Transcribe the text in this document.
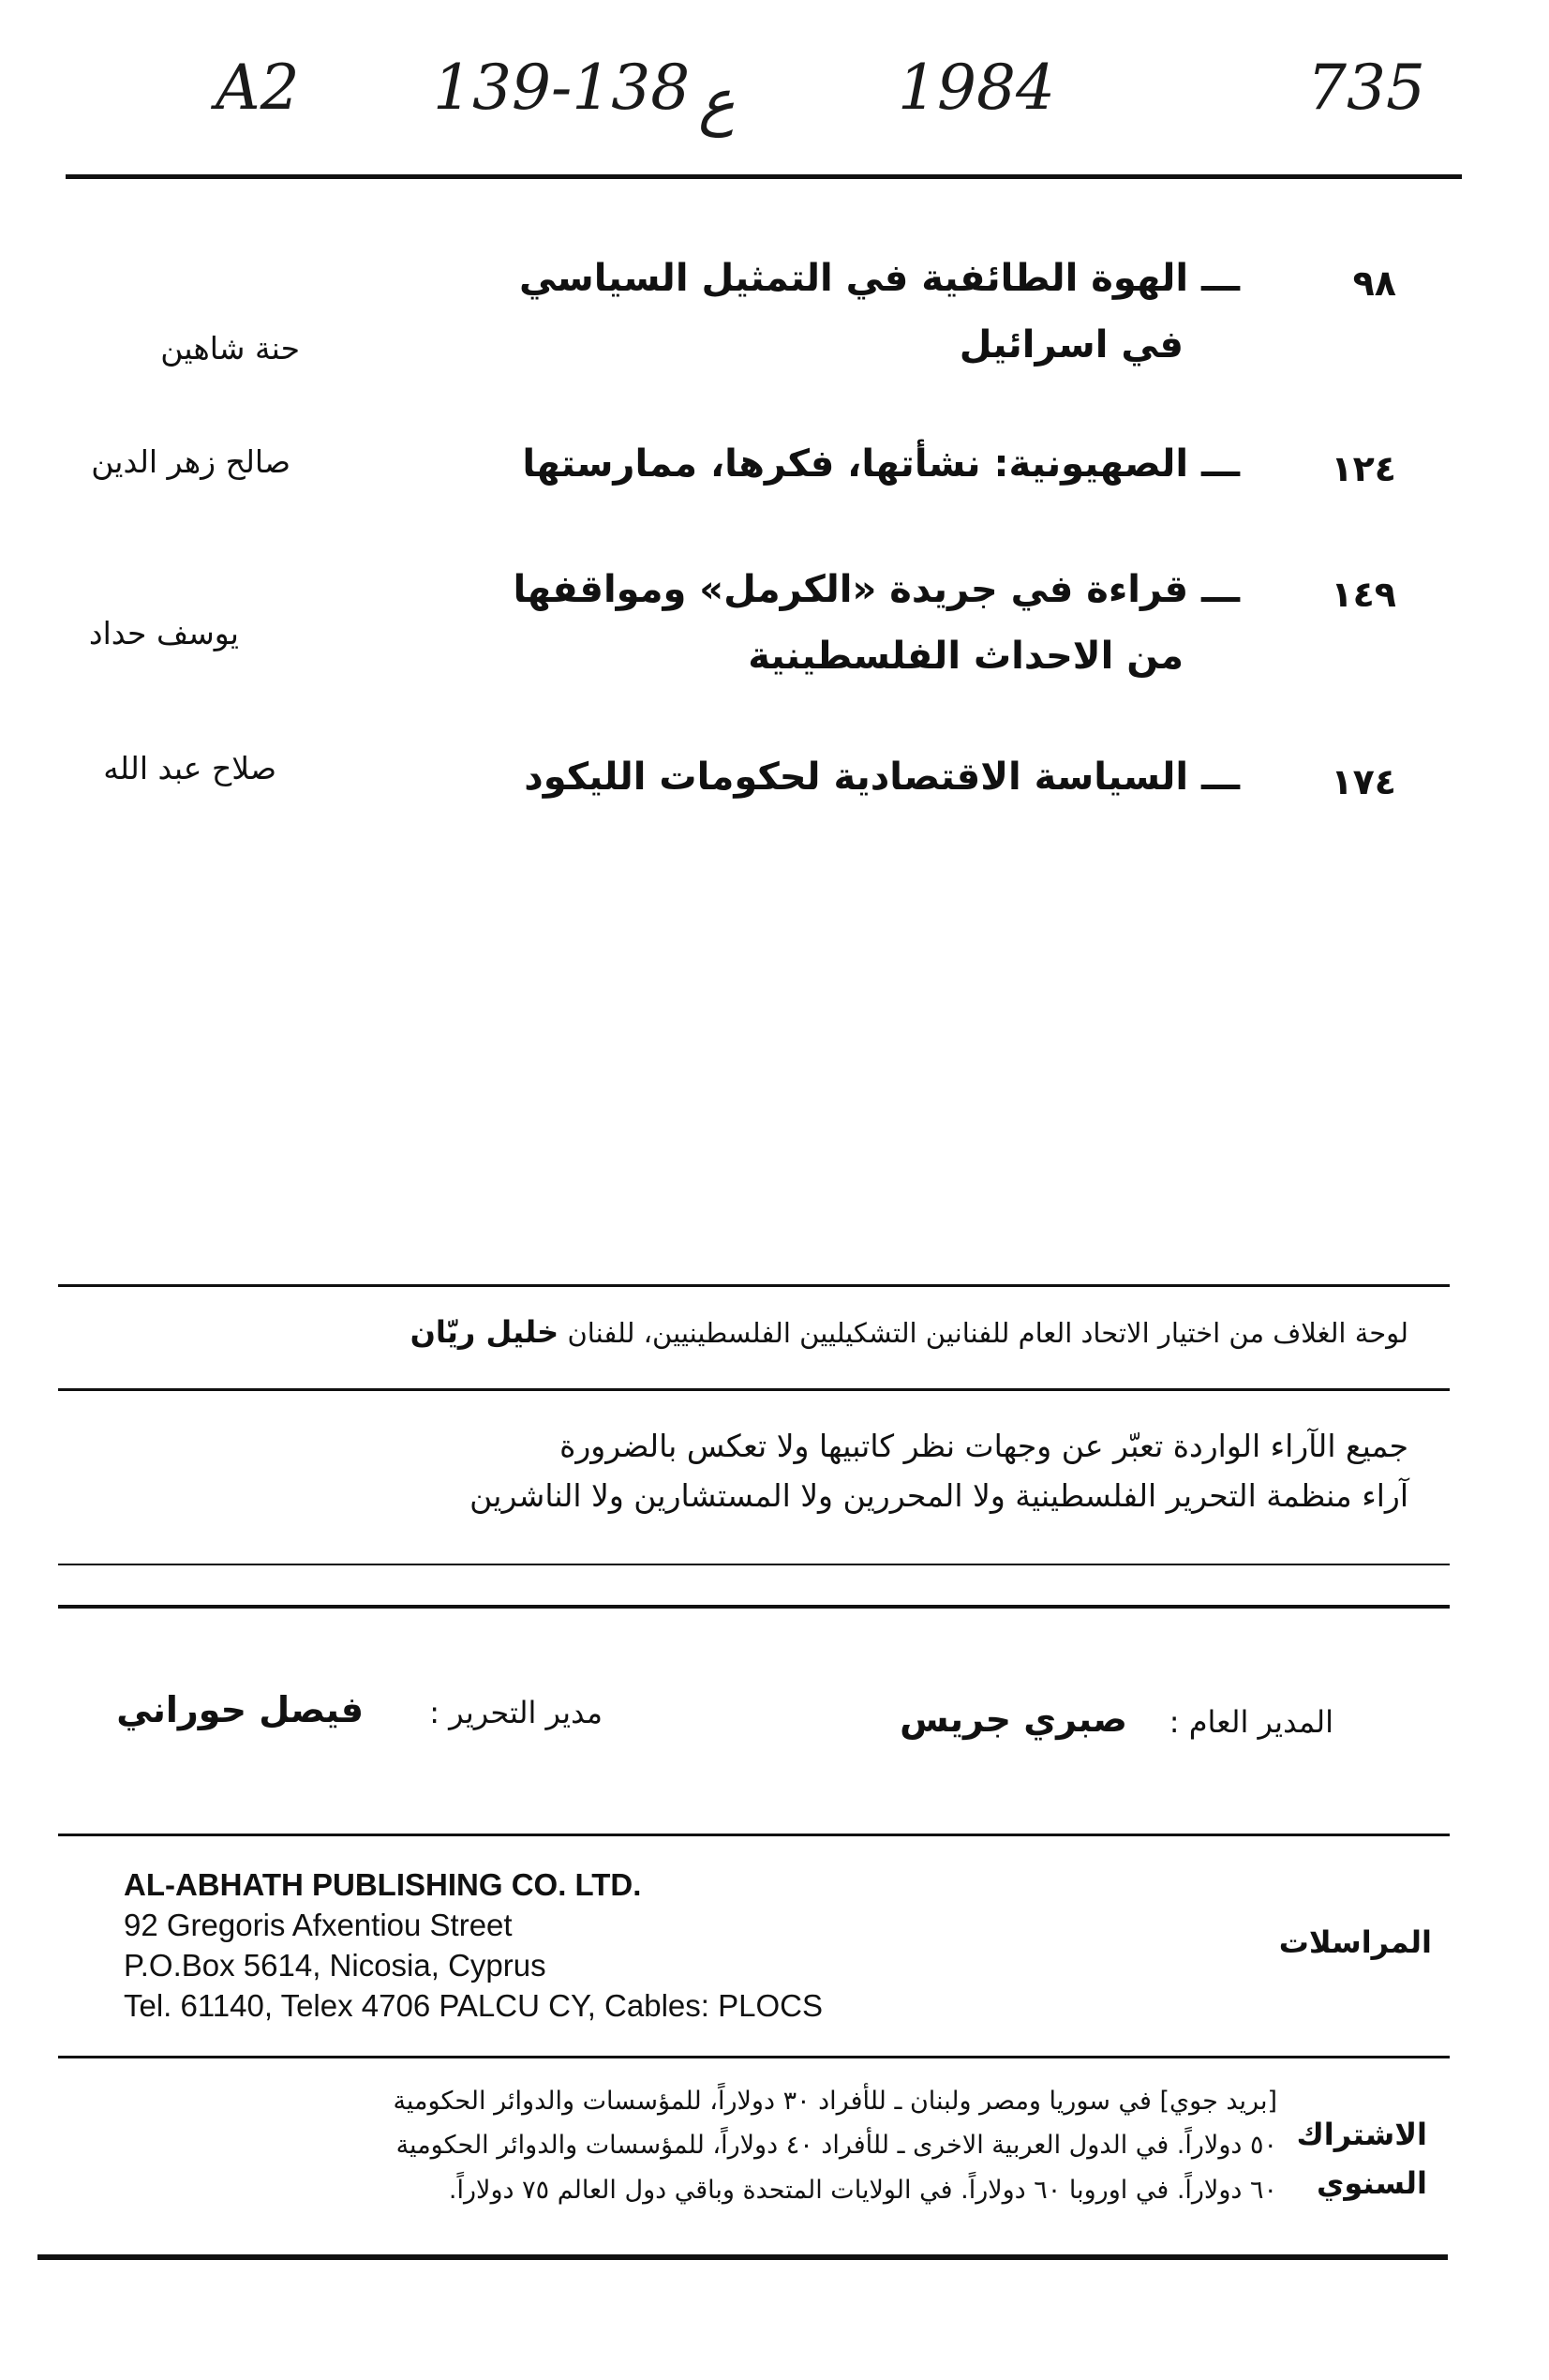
A2 139-138 ع	1984	735
٩٨
ـــ الهوة الطائفية في التمثيل السياسي
في اسرائيل
حنة شاهين
١٢٤
ـــ الصهيونية: نشأتها، فكرها، ممارستها
صالح زهر الدين
١٤٩
ـــ قراءة في جريدة «الكرمل» ومواقفها
من الاحداث الفلسطينية
يوسف حداد
١٧٤
ـــ السياسة الاقتصادية لحكومات الليكود
صلاح عبد الله
لوحة الغلاف من اختيار الاتحاد العام للفنانين التشكيليين الفلسطينيين، للفنان خليل ريّان
جميع الآراء الواردة تعبّر عن وجهات نظر كاتبيها ولا تعكس بالضرورة
آراء منظمة التحرير الفلسطينية ولا المحررين ولا المستشارين ولا الناشرين
المدير العام :
صبري جريس
مدير التحرير :
فيصل حوراني
المراسلات
AL-ABHATH PUBLISHING CO. LTD.
92 Gregoris Afxentiou Street
P.O.Box 5614, Nicosia, Cyprus
Tel. 61140, Telex 4706 PALCU CY, Cables: PLOCS
الاشتراك
السنوي
[بريد جوي] في سوريا ومصر ولبنان ـ للأفراد ٣٠ دولاراً، للمؤسسات والدوائر الحكومية
٥٠ دولاراً. في الدول العربية الاخرى ـ للأفراد ٤٠ دولاراً، للمؤسسات والدوائر الحكومية
٦٠ دولاراً. في اوروبا ٦٠ دولاراً. في الولايات المتحدة وباقي دول العالم ٧٥ دولاراً.
